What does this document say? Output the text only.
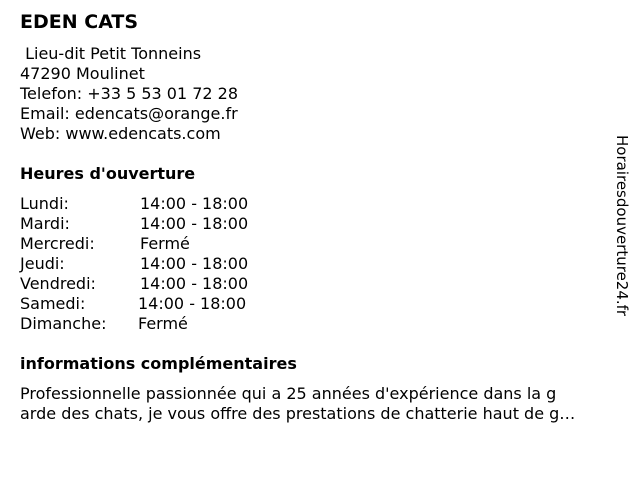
EDEN CATS
Lieu-dit Petit Tonneins
47290 Moulinet
Telefon: +33 5 53 01 72 28
Email: edencats@orange.fr
Web: www.edencats.com
Heures d'ouverture
Lundi:	14:00 - 18:00
Mardi:	14:00 - 18:00
Mercredi:	Fermé
Jeudi:	14:00 - 18:00
Vendredi:	14:00 - 18:00
Samedi:	14:00 - 18:00
Dimanche: Fermé
informations complémentaires
Professionnelle passionnée qui a 25 années d'expérience dans la g
arde des chats, je vous offre des prestations de chatterie haut de g…
Horairesdouverture24.fr
